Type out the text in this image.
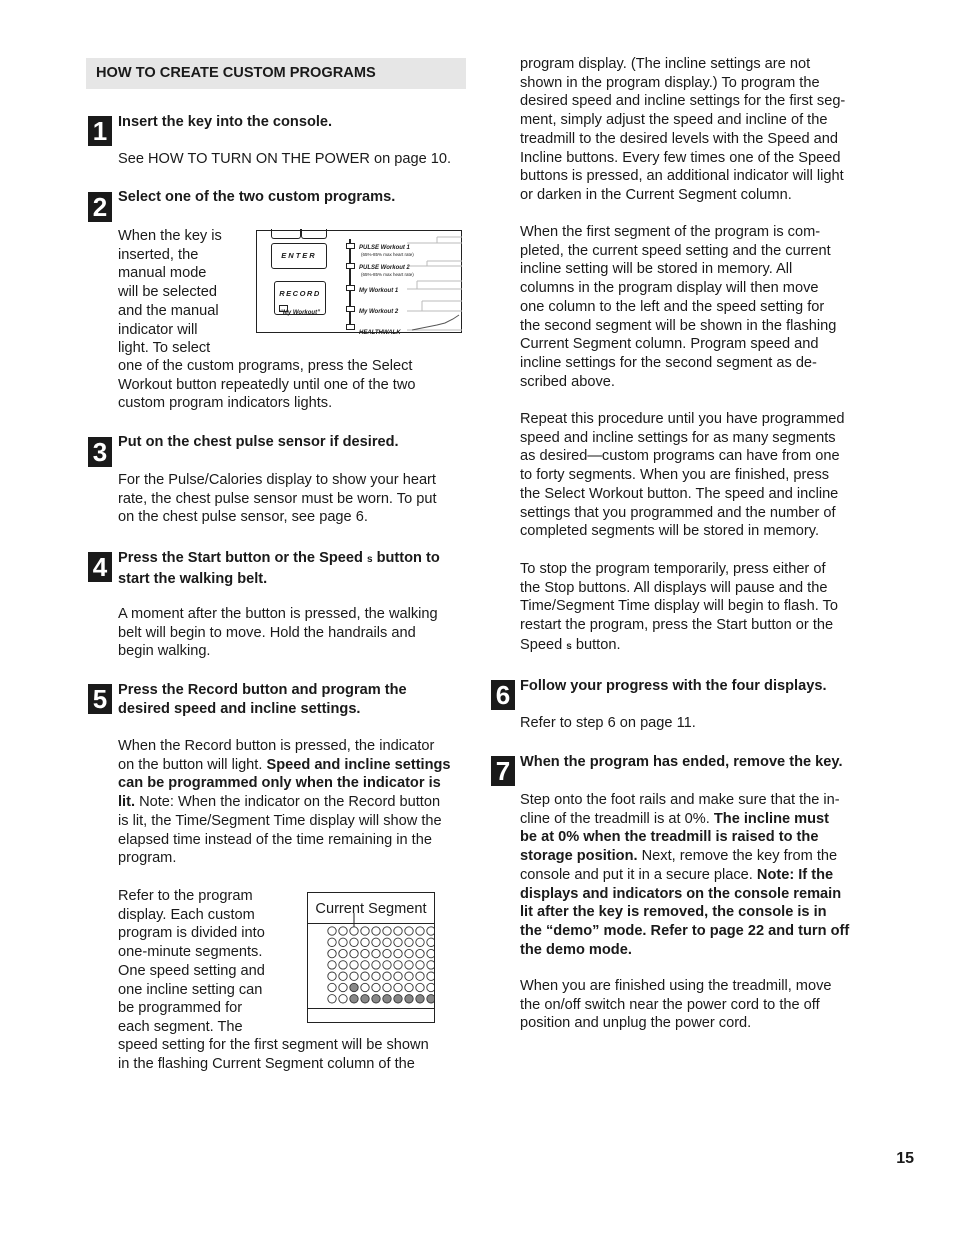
HOW TO CREATE CUSTOM PROGRAMS
1 Insert the key into the console.
See HOW TO TURN ON THE POWER on page 10.
2 Select one of the two custom programs.

When the key is

inserted, the

manual mode

will be selected

and the manual

indicator will

light. To select

one of the custom programs, press the Select

Workout button repeatedly until one of the two

custom program indicators lights.

ENTER
RECORD
“My Workout”
PULSE Workout 1
(65%-85% max heart rate)
PULSE Workout 2
(65%-85% max heart rate)
My Workout 1
My Workout 2
HEALTHWALK
3 Put on the chest pulse sensor if desired.

For the Pulse/Calories display to show your heart

rate, the chest pulse sensor must be worn. To put

on the chest pulse sensor, see page 6.

4 Press the Start button or the Speed s button to

start the walking belt.

A moment after the button is pressed, the walking

belt will begin to move. Hold the handrails and

begin walking.

5 Press the Record button and program the

desired speed and incline settings.

When the Record button is pressed, the indicator

on the button will light. Speed and incline settings

can be programmed only when the indicator is

lit. Note: When the indicator on the Record button

is lit, the Time/Segment Time display will show the

elapsed time instead of the time remaining in the

program.

Refer to the program

display. Each custom

program is divided into

one-minute segments.

One speed setting and

one incline setting can

be programmed for

each segment. The

speed setting for the first segment will be shown

in the flashing Current Segment column of the

Current Segment

program display. (The incline settings are not

shown in the program display.) To program the

desired speed and incline settings for the first seg-

ment, simply adjust the speed and incline of the

treadmill to the desired levels with the Speed and

Incline buttons. Every few times one of the Speed

buttons is pressed, an additional indicator will light

or darken in the Current Segment column.

When the first segment of the program is com-

pleted, the current speed setting and the current

incline setting will be stored in memory. All

columns in the program display will then move

one column to the left and the speed setting for

the second segment will be shown in the flashing

Current Segment column. Program speed and

incline settings for the second segment as de-

scribed above.

Repeat this procedure until you have programmed

speed and incline settings for as many segments

as desired—custom programs can have from one

to forty segments. When you are finished, press

the Select Workout button. The speed and incline

settings that you programmed and the number of

completed segments will be stored in memory.

To stop the program temporarily, press either of

the Stop buttons. All displays will pause and the

Time/Segment Time display will begin to flash. To

restart the program, press the Start button or the

Speed s button.

6 Follow your progress with the four displays.
Refer to step 6 on page 11.
7 When the program has ended, remove the key.

Step onto the foot rails and make sure that the in-

cline of the treadmill is at 0%. The incline must

be at 0% when the treadmill is raised to the

storage position. Next, remove the key from the

console and put it in a secure place. Note: If the

displays and indicators on the console remain

lit after the key is removed, the console is in

the “demo” mode. Refer to page 22 and turn off

the demo mode.

When you are finished using the treadmill, move

the on/off switch near the power cord to the off

position and unplug the power cord.

15
